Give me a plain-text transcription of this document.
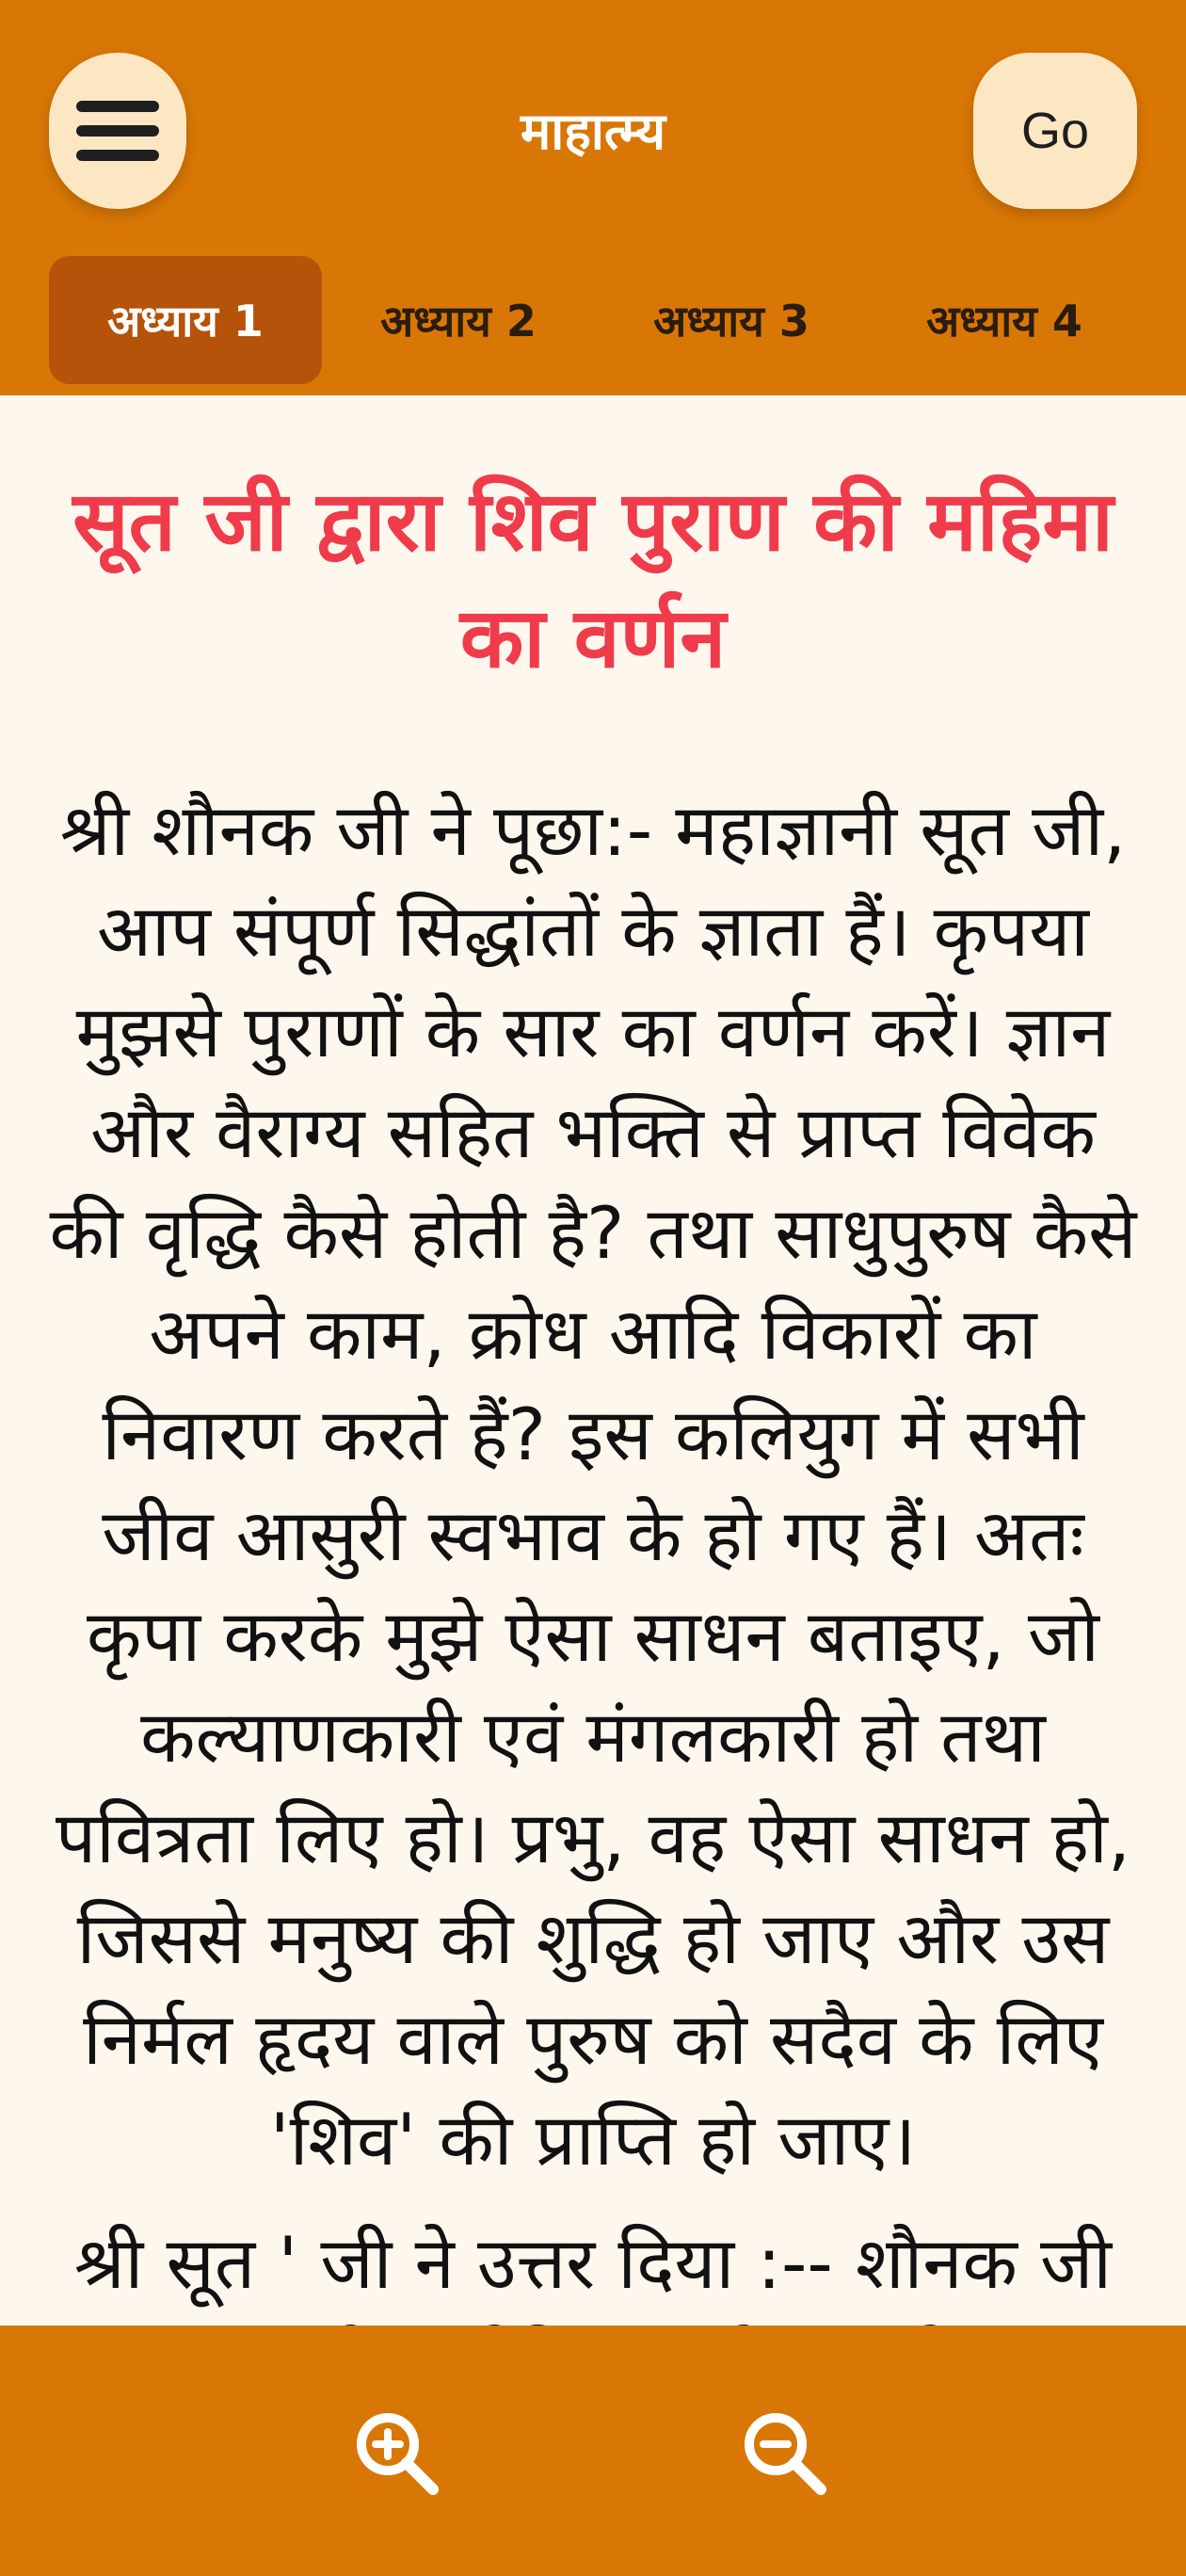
माहात्म्य	Go
अध्याय 1	अध्याय 2	अध्याय 3	अध्याय 4
सूत जी द्वारा शिव पुराण की महिमा का वर्णन

श्री शौनक जी ने पूछा:- महाज्ञानी सूत जी, आप संपूर्ण सिद्धांतों के ज्ञाता हैं। कृपया मुझसे पुराणों के सार का वर्णन करें। ज्ञान और वैराग्य सहित भक्ति से प्राप्त विवेक की वृद्धि कैसे होती है? तथा साधुपुरुष कैसे अपने काम, क्रोध आदि विकारों का निवारण करते हैं? इस कलियुग में सभी जीव आसुरी स्वभाव के हो गए हैं। अतः कृपा करके मुझे ऐसा साधन बताइए, जो कल्याणकारी एवं मंगलकारी हो तथा पवित्रता लिए हो। प्रभु, वह ऐसा साधन हो, जिससे मनुष्य की शुद्धि हो जाए और उस निर्मल हृदय वाले पुरुष को सदैव के लिए 'शिव' की प्राप्ति हो जाए।

श्री सूत ' जी ने उत्तर दिया :-- शौनक जी
